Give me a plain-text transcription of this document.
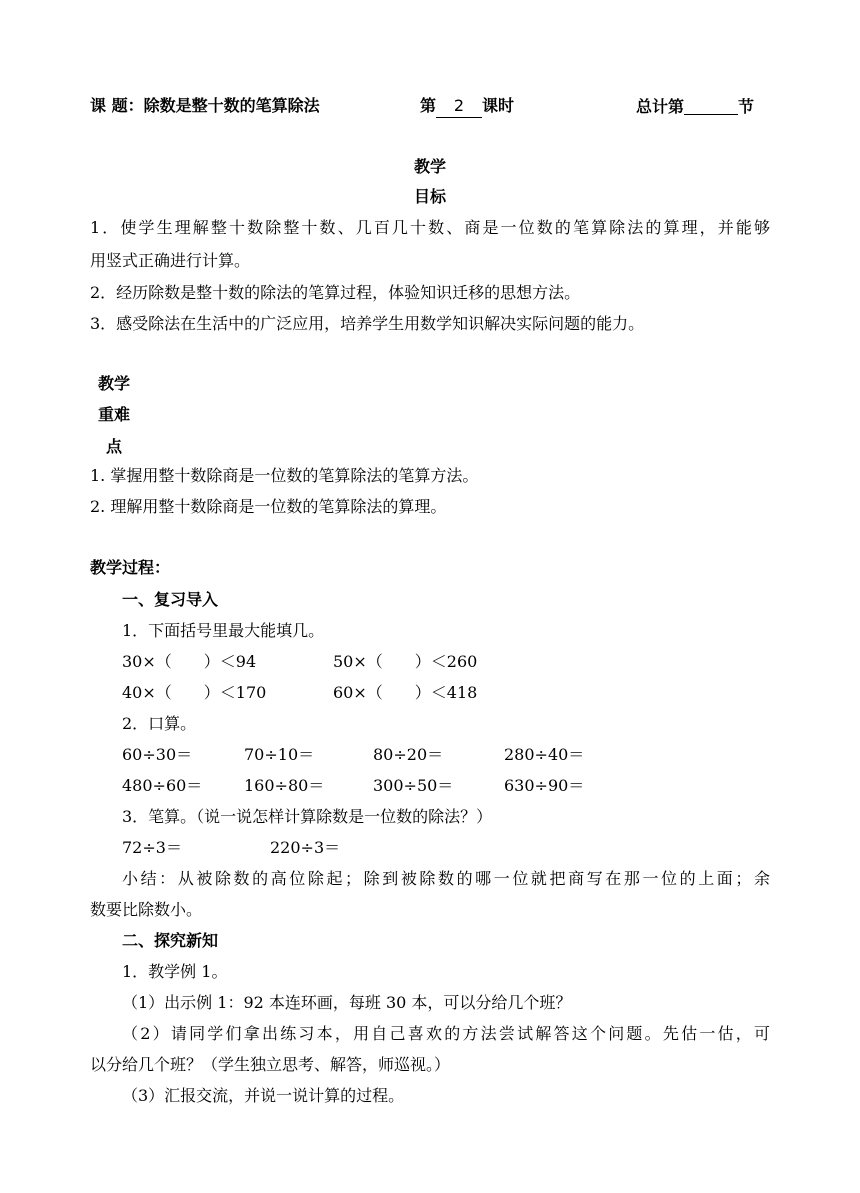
课 题：除数是整十数的笔算除法	第 2 课时	总计第	节
教学
目标
1．使学生理解整十数除整十数、几百几十数、商是一位数的笔算除法的算理，并能够
用竖式正确进行计算。
2．经历除数是整十数的除法的笔算过程，体验知识迁移的思想方法。
3．感受除法在生活中的广泛应用，培养学生用数学知识解决实际问题的能力。
教学
重难
点
1. 掌握用整十数除商是一位数的笔算除法的笔算方法。
2. 理解用整十数除商是一位数的笔算除法的算理。
教学过程：
一、复习导入
1．下面括号里最大能填几。
30×（　　）＜94	50×（　　）＜260
40×（　　）＜170	60×（　　）＜418
2．口算。
60÷30＝	70÷10＝	80÷20＝	280÷40＝
480÷60＝	160÷80＝	300÷50＝	630÷90＝
3．笔算。（说一说怎样计算除数是一位数的除法？）
72÷3＝	220÷3＝
小结：从被除数的高位除起；除到被除数的哪一位就把商写在那一位的上面；余
数要比除数小。
二、探究新知
1．教学例 1。
（1）出示例 1：92 本连环画，每班 30 本，可以分给几个班？
（2）请同学们拿出练习本，用自己喜欢的方法尝试解答这个问题。先估一估，可
以分给几个班？（学生独立思考、解答，师巡视。）
（3）汇报交流，并说一说计算的过程。
